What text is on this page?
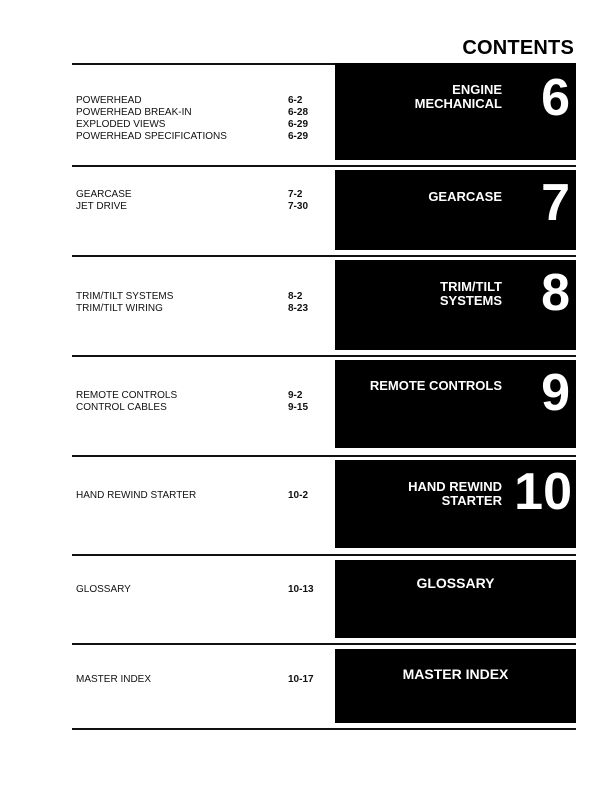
CONTENTS
ENGINE
MECHANICAL 6
POWERHEAD	6-2
POWERHEAD BREAK-IN	6-28
EXPLODED VIEWS	6-29
POWERHEAD SPECIFICATIONS	6-29
GEARCASE 7
GEARCASE	7-2
JET DRIVE	7-30
TRIM/TILT
SYSTEMS 8
TRIM/TILT SYSTEMS	8-2
TRIM/TILT WIRING	8-23
REMOTE CONTROLS 9
REMOTE CONTROLS	9-2
CONTROL CABLES	9-15
HAND REWIND
STARTER 10
HAND REWIND STARTER	10-2
GLOSSARY
GLOSSARY	10-13
MASTER INDEX
MASTER INDEX	10-17
